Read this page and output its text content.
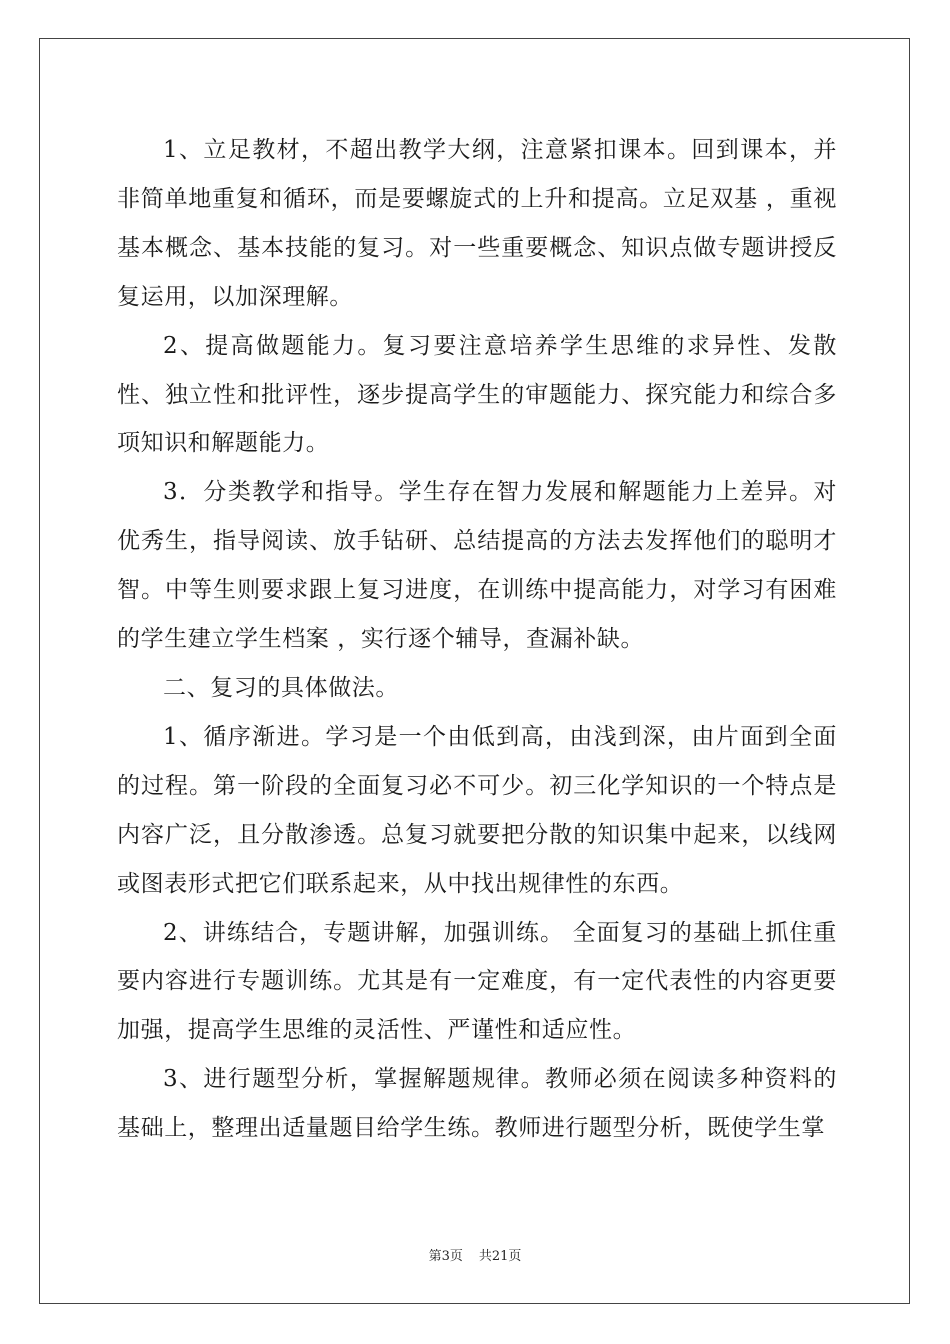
1、立足教材，不超出教学大纲，注意紧扣课本。回到课本，并非简单地重复和循环，而是要螺旋式的上升和提高。立足双基 ，重视基本概念、基本技能的复习。对一些重要概念、知识点做专题讲授反复运用，以加深理解。

2、提高做题能力。复习要注意培养学生思维的求异性、发散性、独立性和批评性，逐步提高学生的审题能力、探究能力和综合多项知识和解题能力。

3．分类教学和指导。学生存在智力发展和解题能力上差异。对优秀生，指导阅读、放手钻研、总结提高的方法去发挥他们的聪明才智。中等生则要求跟上复习进度，在训练中提高能力，对学习有困难的学生建立学生档案 ，实行逐个辅导，查漏补缺。

二、复习的具体做法。

1、循序渐进。学习是一个由低到高，由浅到深，由片面到全面的过程。第一阶段的全面复习必不可少。初三化学知识的一个特点是内容广泛，且分散渗透。总复习就要把分散的知识集中起来，以线网或图表形式把它们联系起来，从中找出规律性的东西。

2、讲练结合，专题讲解，加强训练。 全面复习的基础上抓住重要内容进行专题训练。尤其是有一定难度，有一定代表性的内容更要加强，提高学生思维的灵活性、严谨性和适应性。

3、进行题型分析，掌握解题规律。教师必须在阅读多种资料的基础上，整理出适量题目给学生练。教师进行题型分析，既使学生掌

第3页 共21页
